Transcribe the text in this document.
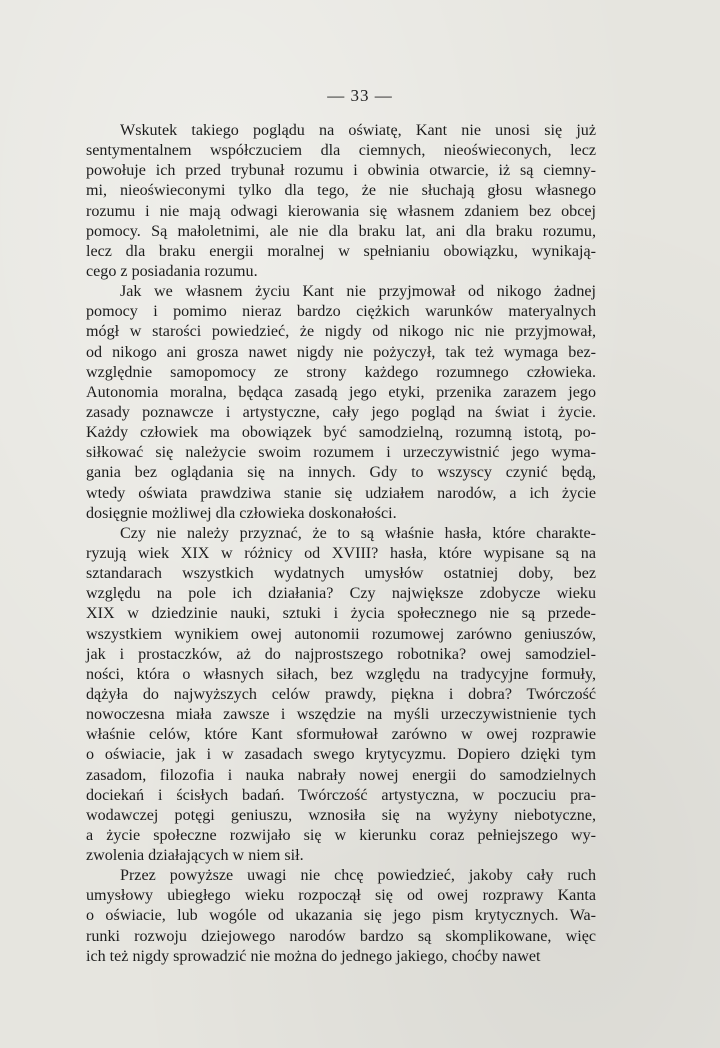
— 33 —
Wskutek takiego poglądu na oświatę, Kant nie unosi się już
sentymentalnem współczuciem dla ciemnych, nieoświeconych, lecz
powołuje ich przed trybunał rozumu i obwinia otwarcie, iż są ciemny-
mi, nieoświeconymi tylko dla tego, że nie słuchają głosu własnego
rozumu i nie mają odwagi kierowania się własnem zdaniem bez obcej
pomocy. Są małoletnimi, ale nie dla braku lat, ani dla braku rozumu,
lecz dla braku energii moralnej w spełnianiu obowiązku, wynikają-
cego z posiadania rozumu.
Jak we własnem życiu Kant nie przyjmował od nikogo żadnej
pomocy i pomimo nieraz bardzo ciężkich warunków materyalnych
mógł w starości powiedzieć, że nigdy od nikogo nic nie przyjmował,
od nikogo ani grosza nawet nigdy nie pożyczył, tak też wymaga bez-
względnie samopomocy ze strony każdego rozumnego człowieka.
Autonomia moralna, będąca zasadą jego etyki, przenika zarazem jego
zasady poznawcze i artystyczne, cały jego pogląd na świat i życie.
Każdy człowiek ma obowiązek być samodzielną, rozumną istotą, po-
siłkować się należycie swoim rozumem i urzeczywistnić jego wyma-
gania bez oglądania się na innych. Gdy to wszyscy czynić będą,
wtedy oświata prawdziwa stanie się udziałem narodów, a ich życie
dosięgnie możliwej dla człowieka doskonałości.
Czy nie należy przyznać, że to są właśnie hasła, które charakte-
ryzują wiek XIX w różnicy od XVIII? hasła, które wypisane są na
sztandarach wszystkich wydatnych umysłów ostatniej doby, bez
względu na pole ich działania? Czy największe zdobycze wieku
XIX w dziedzinie nauki, sztuki i życia społecznego nie są przede-
wszystkiem wynikiem owej autonomii rozumowej zarówno geniuszów,
jak i prostaczków, aż do najprostszego robotnika? owej samodziel-
ności, która o własnych siłach, bez względu na tradycyjne formuły,
dążyła do najwyższych celów prawdy, piękna i dobra? Twórczość
nowoczesna miała zawsze i wszędzie na myśli urzeczywistnienie tych
właśnie celów, które Kant sformułował zarówno w owej rozprawie
o oświacie, jak i w zasadach swego krytycyzmu. Dopiero dzięki tym
zasadom, filozofia i nauka nabrały nowej energii do samodzielnych
dociekań i ścisłych badań. Twórczość artystyczna, w poczuciu pra-
wodawczej potęgi geniuszu, wznosiła się na wyżyny niebotyczne,
a życie społeczne rozwijało się w kierunku coraz pełniejszego wy-
zwolenia działających w niem sił.
Przez powyższe uwagi nie chcę powiedzieć, jakoby cały ruch
umysłowy ubiegłego wieku rozpoczął się od owej rozprawy Kanta
o oświacie, lub wogóle od ukazania się jego pism krytycznych. Wa-
runki rozwoju dziejowego narodów bardzo są skomplikowane, więc
ich też nigdy sprowadzić nie można do jednego jakiego, choćby nawet
